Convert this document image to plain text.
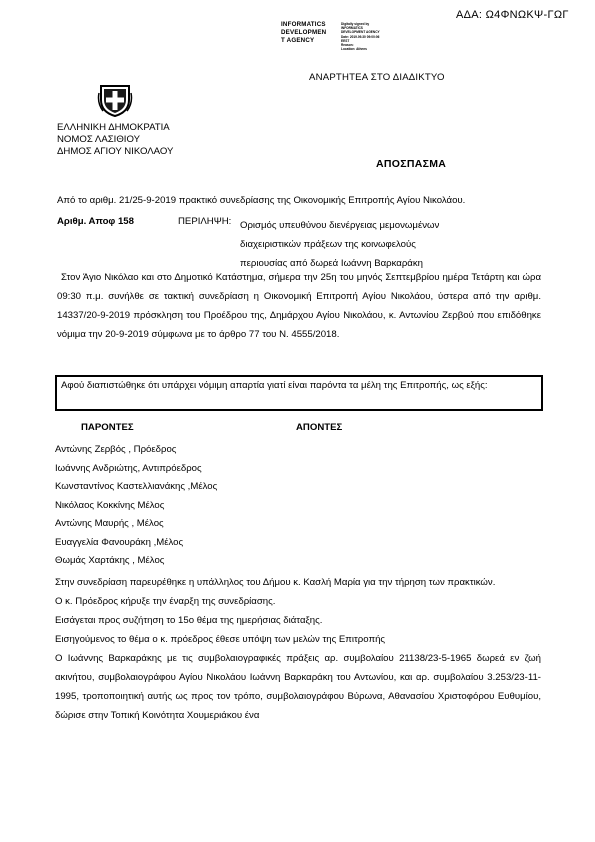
ΑΔΑ: Ω4ΦΝΩΚΨ-ΓΩΓ
INFORMATICS
DEVELOPMEN
T AGENCY
Digitally signed by
INFORMATICS
DEVELOPMENT AGENCY
Date: 2019.09.30 09:00:06
EEST
Reason:
Location: Athens
ΑΝΑΡΤΗΤΕΑ ΣΤΟ ΔΙΑΔΙΚΤΥΟ
ΕΛΛΗΝΙΚΗ ΔΗΜΟΚΡΑΤΙΑ
ΝΟΜΟΣ ΛΑΣΙΘΙΟΥ
ΔΗΜΟΣ ΑΓΙΟΥ ΝΙΚΟΛΑΟΥ
ΑΠΟΣΠΑΣΜΑ
Από το αριθμ. 21/25-9-2019 πρακτικό συνεδρίασης της Οικονομικής Επιτροπής Αγίου Νικολάου.
Αριθμ. Αποφ 158	ΠΕΡΙΛΗΨΗ: Ορισμός υπευθύνου διενέργειας μεμονωμένων
διαχειριστικών πράξεων της κοινωφελούς
περιουσίας από δωρεά Ιωάννη Βαρκαράκη
Στον Άγιο Νικόλαο και στο Δημοτικό Κατάστημα, σήμερα την 25η του μηνός Σεπτεμβρίου ημέρα Τετάρτη και ώρα 09:30 π.μ. συνήλθε σε τακτική συνεδρίαση η Οικονομική Επιτροπή Αγίου Νικολάου, ύστερα από την αριθμ. 14337/20-9-2019 πρόσκληση του Προέδρου της, Δημάρχου Αγίου Νικολάου, κ. Αντωνίου Ζερβού που επιδόθηκε νόμιμα την 20-9-2019 σύμφωνα με το άρθρο 77 του Ν. 4555/2018.
Αφού διαπιστώθηκε ότι υπάρχει νόμιμη απαρτία γιατί είναι παρόντα τα μέλη της Επιτροπής, ως εξής:
ΠΑΡΟΝΤΕΣ	ΑΠΟΝΤΕΣ
Αντώνης Ζερβός , Πρόεδρος
Ιωάννης Ανδριώτης, Αντιπρόεδρος
Κωνσταντίνος Καστελλιανάκης ,Μέλος
Νικόλαος Κοκκίνης Μέλος
Αντώνης Μαυρής , Μέλος
Ευαγγελία Φανουράκη ,Μέλος
Θωμάς Χαρτάκης , Μέλος
Στην συνεδρίαση παρευρέθηκε η υπάλληλος του Δήμου κ. Κασλή Μαρία για την τήρηση των πρακτικών.
Ο κ. Πρόεδρος κήρυξε την έναρξη της συνεδρίασης.
Εισάγεται προς συζήτηση το 15ο θέμα της ημερήσιας διάταξης.
Εισηγούμενος το θέμα ο κ. πρόεδρος έθεσε υπόψη των μελών της Επιτροπής
Ο Ιωάννης Βαρκαράκης με τις συμβολαιογραφικές πράξεις αρ. συμβολαίου 21138/23-5-1965 δωρεά εν ζωή ακινήτου, συμβολαιογράφου Αγίου Νικολάου Ιωάννη Βαρκαράκη του Αντωνίου, και αρ. συμβολαίου 3.253/23-11-1995, τροποποιητική αυτής ως προς τον τρόπο, συμβολαιογράφου Βύρωνα, Αθανασίου Χριστοφόρου Ευθυμίου, δώρισε στην Τοπική Κοινότητα Χουμεριάκου ένα
